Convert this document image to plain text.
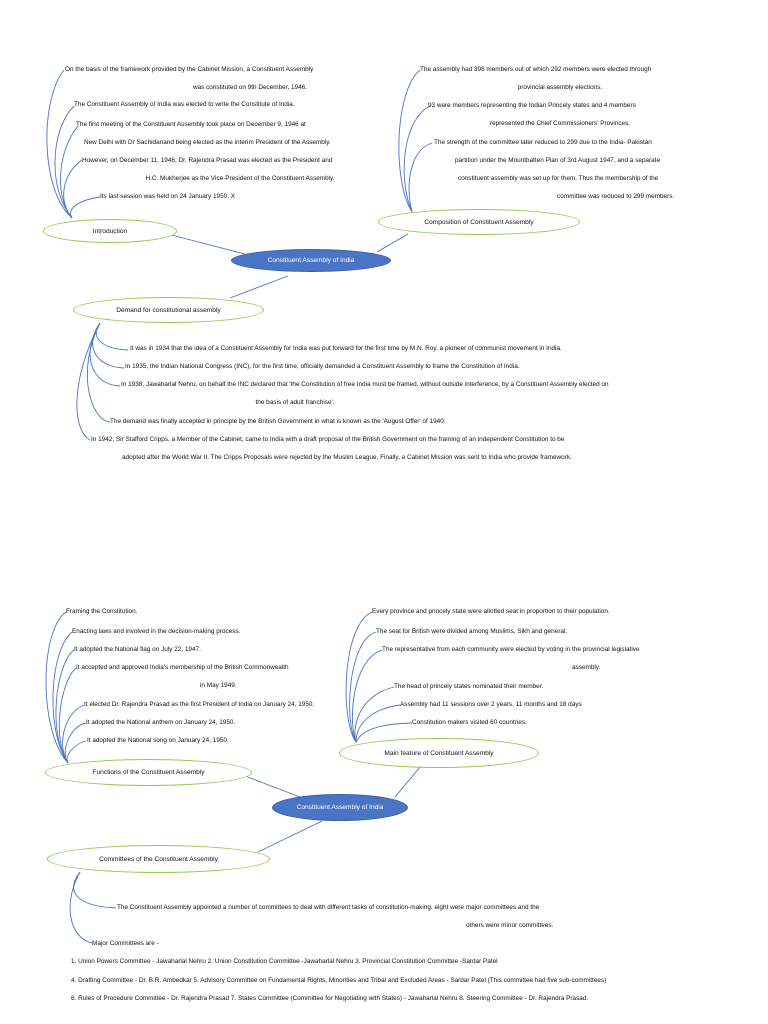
Constituent Assembly of India
Introduction
Composition of Constituent Assembly
Demand for constitutional assembly
On the basis of the framework provided by the Cabinet Mission, a Constituent Assembly
was constituted on 9th December, 1946.
The Constituent Assembly of India was elected to write the Constitute of India.
The first meeting of the Constituent Assembly took place on December 9, 1946 at
New Delhi with Dr Sachidanand being elected as the interim President of the Assembly.
However, on December 11, 1946, Dr. Rajendra Prasad was elected as the President and
H.C. Mukherjee as the Vice-President of the Constituent Assembly.
Its last session was held on 24 January 1950. X
The assembly had 398 members out of which 292 members were elected through
provincial assembly elections.
93 were members representing the Indian Princely states and 4 members
represented the Chief Commissioners' Provinces.
The strength of the committee later reduced to 299 due to the India- Pakistan
partition under the Mountbatten Plan of 3rd August 1947, and a separate
constituent assembly was set up for them. Thus the membership of the
committee was reduced to 299 members.
It was in 1934 that the idea of a Constituent Assembly for India was put forward for the first time by M.N. Roy, a pioneer of communist movement in India.
In 1935, the Indian National Congress (INC), for the first time, officially demanded a Constituent Assembly to frame the Constitution of India.
In 1938, Jawaharlal Nehru, on behalf the INC declared that 'the Constitution of free India must be framed, without outside interference, by a Constituent Assembly elected on
the basis of adult franchise'.
The demand was finally accepted in principle by the British Government in what is known as the 'August Offer' of 1940.
In 1942, Sir Stafford Cripps, a Member of the Cabinet, came to India with a draft proposal of the British Government on the framing of an independent Constitution to be
adopted after the World War II. The Cripps Proposals were rejected by the Muslim League, Finally, a Cabinet Mission was sent to India who provide framework.
Constituent Assembly of India
Functions of the Constituent Assembly
Main feature of Constituent Assembly
Committees of the Constituent Assembly
Framing the Constitution.
Enacting laws and involved in the decision-making process.
It adopted the National flag on July 22, 1947.
It accepted and approved India's membership of the British Commonwealth
in May 1949.
It elected Dr. Rajendra Prasad as the first President of India on January 24, 1950.
It adopted the National anthem on January 24, 1950.
It adopted the National song on January 24, 1950.
Every province and princely state were allotted seat in proportion to their population.
The seat for British were divided among Muslims, Sikh and general.
The representative from each community were elected by voting in the provincial legislative
assembly.
The head of princely states nominated their member.
Assembly had 11 sessions over 2 years, 11 months and 18 days
Constitution makers visited 60 countries.
The Constituent Assembly appointed a number of committees to deal with different tasks of constitution-making. eight were major committees and the
others were minor committees.
Major Committees are -
1. Union Powers Committee - Jawaharlal Nehru 2. Union Constitution Committee -Jawaharlal Nehru 3. Provincial Constitution Committee -Sardar Patel
4. Drafting Committee - Dr. B.R. Ambedkar 5. Advisory Committee on Fundamental Rights, Minorities and Tribal and Excluded Areas - Sardar Patel (This committee had five sub-committees)
6. Rules of Procedure Committee - Dr. Rajendra Prasad 7. States Committee (Committee for Negotiating with States) - Jawaharlal Nehru 8. Steering Committee - Dr. Rajendra Prasad.
